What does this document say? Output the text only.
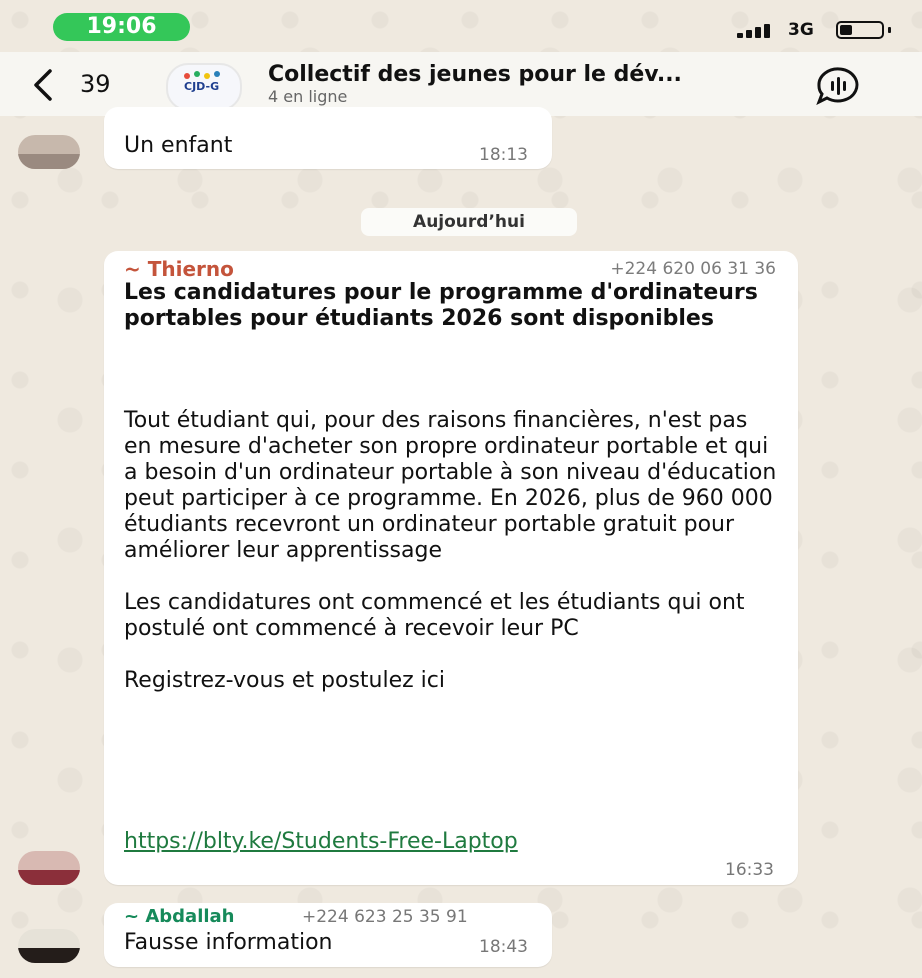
19:06	3G
39	CJD-G Collectif des jeunes pour le dév...
4 en ligne
Un enfant	18:13
Aujourd’hui
~ Thierno	+224 620 06 31 36
Les candidatures pour le programme d'ordinateurs portables pour étudiants 2026 sont disponibles
Tout étudiant qui, pour des raisons financières, n'est pas en mesure d'acheter son propre ordinateur portable et qui a besoin d'un ordinateur portable à son niveau d'éducation peut participer à ce programme. En 2026, plus de 960 000 étudiants recevront un ordinateur portable gratuit pour améliorer leur apprentissage

Les candidatures ont commencé et les étudiants qui ont postulé ont commencé à recevoir leur PC

Registrez-vous et postulez ici
https://blty.ke/Students-Free-Laptop
16:33
~ Abdallah	+224 623 25 35 91
Fausse information	18:43
